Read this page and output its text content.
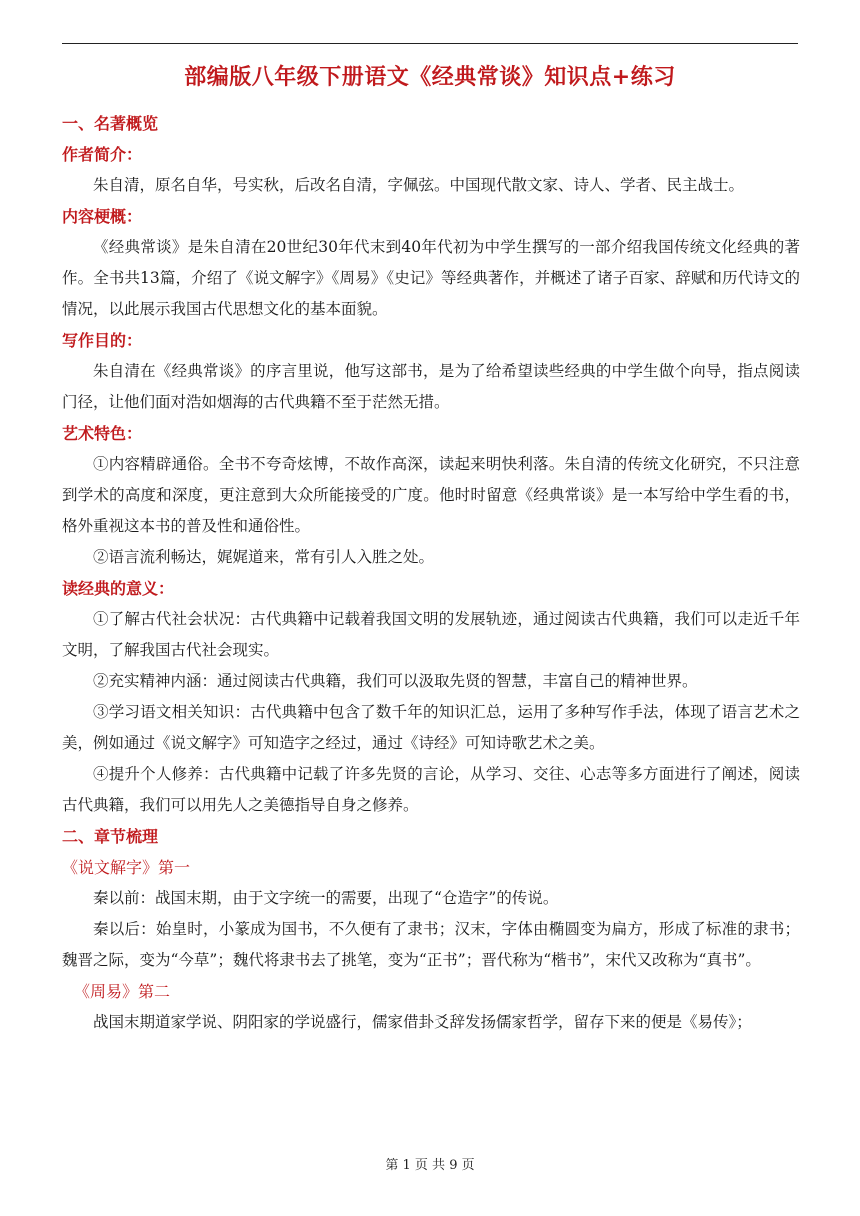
部编版八年级下册语文《经典常谈》知识点+练习

一、名著概览

作者简介：

朱自清，原名自华，号实秋，后改名自清，字佩弦。中国现代散文家、诗人、学者、民主战士。

内容梗概：

《经典常谈》是朱自清在20世纪30年代末到40年代初为中学生撰写的一部介绍我国传统文化经典的著作。全书共13篇，介绍了《说文解字》《周易》《史记》等经典著作，并概述了诸子百家、辞赋和历代诗文的情况，以此展示我国古代思想文化的基本面貌。

写作目的：

朱自清在《经典常谈》的序言里说，他写这部书，是为了给希望读些经典的中学生做个向导，指点阅读门径，让他们面对浩如烟海的古代典籍不至于茫然无措。

艺术特色：

①内容精辟通俗。全书不夸奇炫博，不故作高深，读起来明快利落。朱自清的传统文化研究，不只注意到学术的高度和深度，更注意到大众所能接受的广度。他时时留意《经典常谈》是一本写给中学生看的书，格外重视这本书的普及性和通俗性。

②语言流利畅达，娓娓道来，常有引人入胜之处。

读经典的意义：

①了解古代社会状况：古代典籍中记载着我国文明的发展轨迹，通过阅读古代典籍，我们可以走近千年文明，了解我国古代社会现实。

②充实精神内涵：通过阅读古代典籍，我们可以汲取先贤的智慧，丰富自己的精神世界。

③学习语文相关知识：古代典籍中包含了数千年的知识汇总，运用了多种写作手法，体现了语言艺术之美，例如通过《说文解字》可知造字之经过，通过《诗经》可知诗歌艺术之美。

④提升个人修养：古代典籍中记载了许多先贤的言论，从学习、交往、心志等多方面进行了阐述，阅读古代典籍，我们可以用先人之美德指导自身之修养。

二、章节梳理

《说文解字》第一

秦以前：战国末期，由于文字统一的需要，出现了“仓造字”的传说。

秦以后：始皇时，小篆成为国书，不久便有了隶书；汉末，字体由椭圆变为扁方，形成了标准的隶书；魏晋之际，变为“今草”；魏代将隶书去了挑笔，变为“正书”；晋代称为“楷书”，宋代又改称为“真书”。

《周易》第二

战国末期道家学说、阴阳家的学说盛行，儒家借卦爻辞发扬儒家哲学，留存下来的便是《易传》；

第 1 页 共 9 页
